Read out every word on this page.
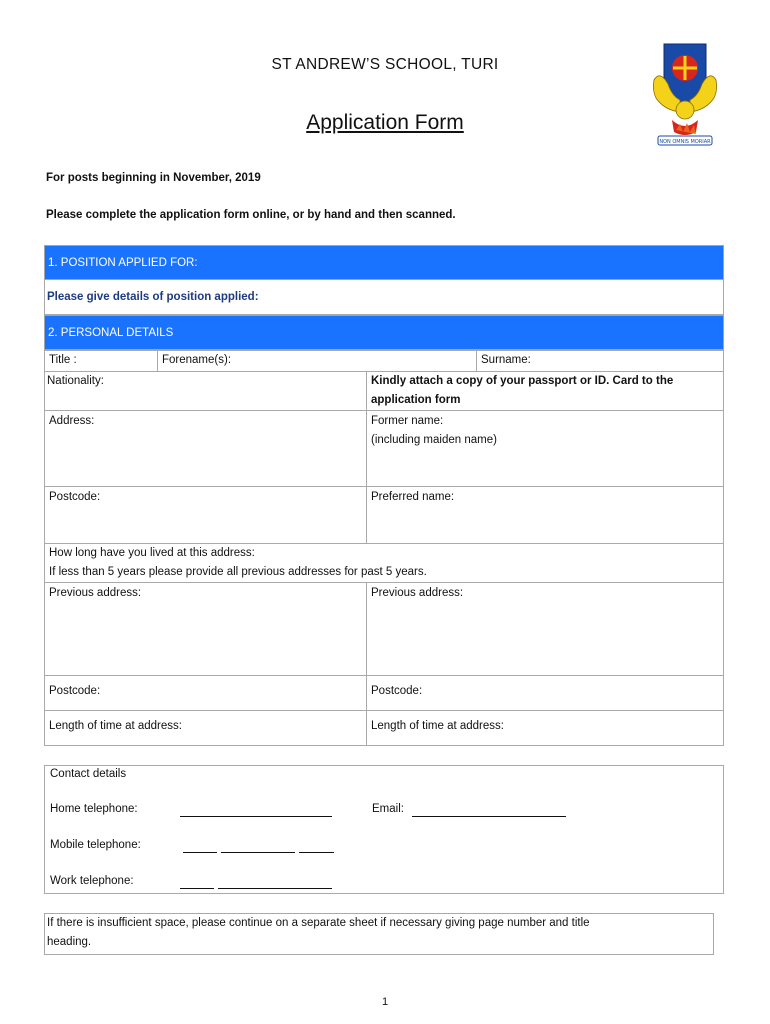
ST ANDREW’S SCHOOL, TURI
Application Form
NON OMNIS MORIAR
For posts beginning in November, 2019
Please complete the application form online, or by hand and then scanned.
1. POSITION APPLIED FOR:
Please give details of position applied:
2. PERSONAL DETAILS
Title :	Forename(s):	Surname:
Nationality:	Kindly attach a copy of your passport or ID. Card to the
application form
Address:	Former name:
(including maiden name)
Postcode:	Preferred name:
How long have you lived at this address:
If less than 5 years please provide all previous addresses for past 5 years.
Previous address:	Previous address:
Postcode:	Postcode:
Length of time at address:	Length of time at address:
Contact details
Home telephone:	Email:
Mobile telephone:
Work telephone:
If there is insufficient space, please continue on a separate sheet if necessary giving page number and title
heading.
1
